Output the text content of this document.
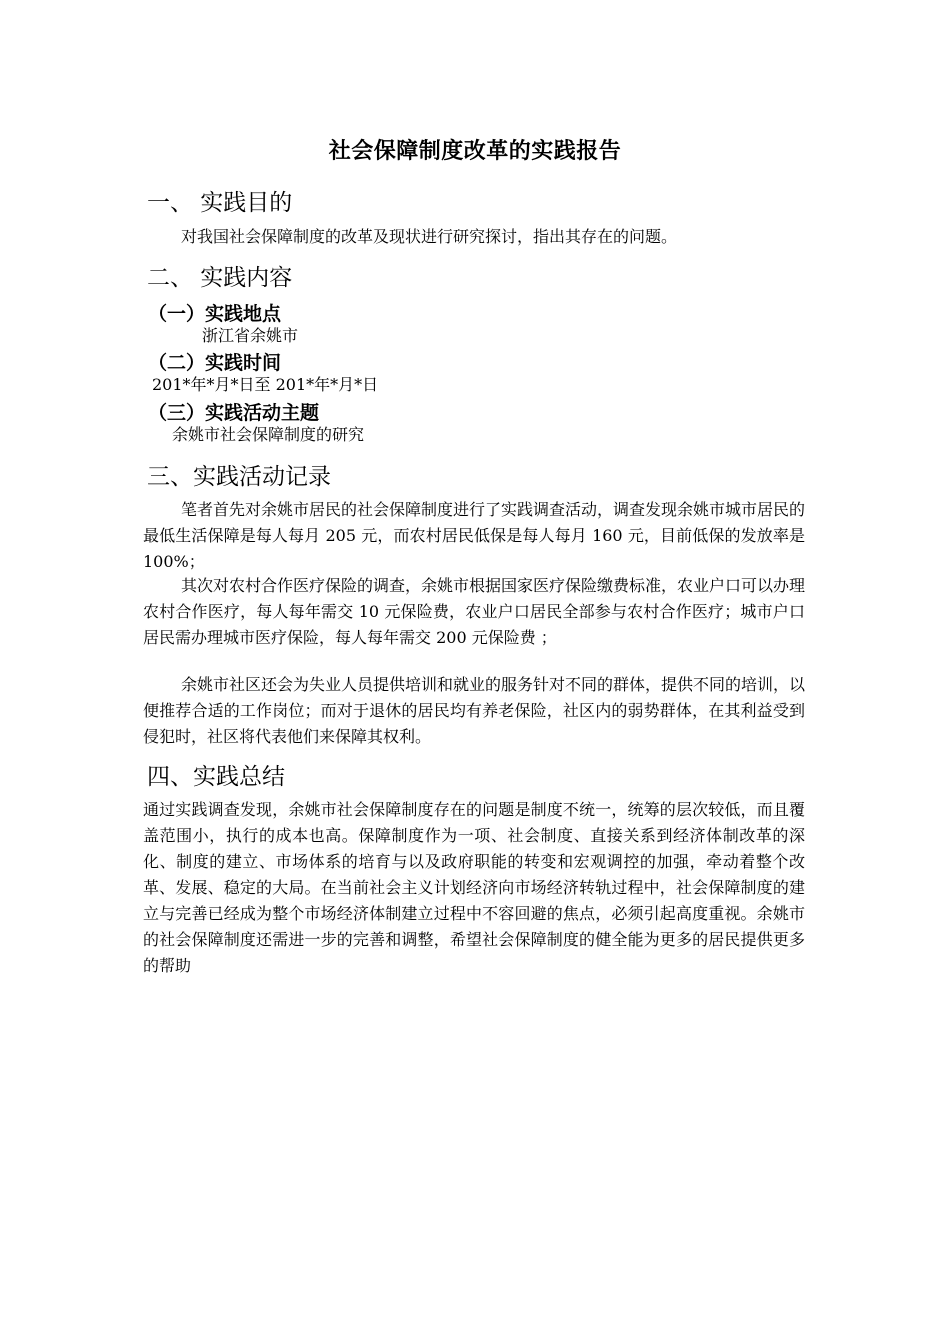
社会保障制度改革的实践报告
一、 实践目的

对我国社会保障制度的改革及现状进行研究探讨，指出其存在的问题。

二、 实践内容
（一）实践地点

浙江省余姚市

（二）实践时间

201*年*月*日至 201*年*月*日

（三）实践活动主题

余姚市社会保障制度的研究

三、实践活动记录

笔者首先对余姚市居民的社会保障制度进行了实践调查活动，调查发现余姚市城市居民的最低生活保障是每人每月 205 元，而农村居民低保是每人每月 160 元，目前低保的发放率是 100%；

其次对农村合作医疗保险的调查，余姚市根据国家医疗保险缴费标准，农业户口可以办理农村合作医疗，每人每年需交 10 元保险费，农业户口居民全部参与农村合作医疗；城市户口居民需办理城市医疗保险，每人每年需交 200 元保险费 ；

余姚市社区还会为失业人员提供培训和就业的服务针对不同的群体，提供不同的培训，以便推荐合适的工作岗位；而对于退休的居民均有养老保险，社区内的弱势群体，在其利益受到侵犯时，社区将代表他们来保障其权利。

四、实践总结

通过实践调查发现，余姚市社会保障制度存在的问题是制度不统一，统筹的层次较低，而且覆盖范围小，执行的成本也高。保障制度作为一项、社会制度、直接关系到经济体制改革的深化、制度的建立、市场体系的培育与以及政府职能的转变和宏观调控的加强，牵动着整个改革、发展、稳定的大局。在当前社会主义计划经济向市场经济转轨过程中，社会保障制度的建立与完善已经成为整个市场经济体制建立过程中不容回避的焦点，必须引起高度重视。余姚市的社会保障制度还需进一步的完善和调整，希望社会保障制度的健全能为更多的居民提供更多的帮助
